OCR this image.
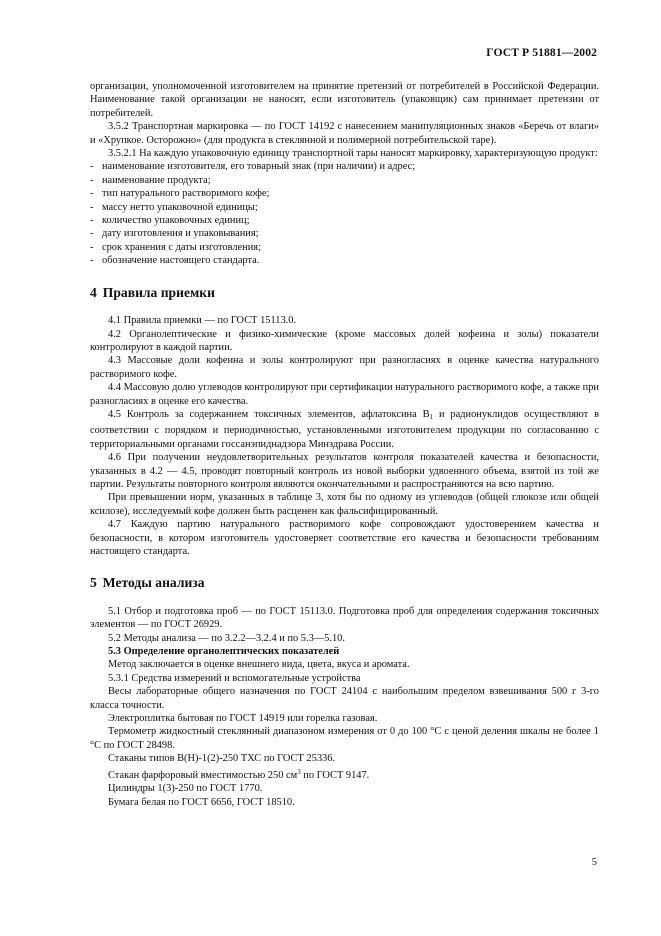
ГОСТ Р 51881—2002

организации, уполномоченной изготовителем на принятие претензий от потребителей в Российской Федерации. Наименование такой организации не наносят, если изготовитель (упаковщик) сам принимает претензии от потребителей.

3.5.2 Транспортная маркировка — по ГОСТ 14192 с нанесением манипуляционных знаков «Беречь от влаги» и «Хрупкое. Осторожно» (для продукта в стеклянной и полимерной потребительской таре).

3.5.2.1 На каждую упаковочную единицу транспортной тары наносят маркировку, характеризующую продукт:

- наименование изготовителя, его товарный знак (при наличии) и адрес;

- наименование продукта;

- тип натурального растворимого кофе;

- массу нетто упаковочной единицы;

- количество упаковочных единиц;

- дату изготовления и упаковывания;

- срок хранения с даты изготовления;

- обозначение настоящего стандарта.

4 Правила приемки

4.1 Правила приемки — по ГОСТ 15113.0.

4.2 Органолептические и физико-химические (кроме массовых долей кофеина и золы) показатели контролируют в каждой партии.

4.3 Массовые доли кофеина и золы контролируют при разногласиях в оценке качества натурального растворимого кофе.

4.4 Массовую долю углеводов контролируют при сертификации натурального растворимого кофе, а также при разногласиях в оценке его качества.

4.5 Контроль за содержанием токсичных элементов, афлатоксина $B_1$ и радионуклидов осуществляют в соответствии с порядком и периодичностью, установленными изготовителем продукции по согласованию с территориальными органами госсанэпиднадзора Минздрава России.

4.6 При получении неудовлетворительных результатов контроля показателей качества и безопасности, указанных в 4.2 — 4.5, проводят повторный контроль из новой выборки удвоенного объема, взятой из той же партии. Результаты повторного контроля являются окончательными и распространяются на всю партию.

При превышении норм, указанных в таблице 3, хотя бы по одному из углеводов (общей глюкозе или общей ксилозе), исследуемый кофе должен быть расценен как фальсифицированный.

4.7 Каждую партию натурального растворимого кофе сопровождают удостоверением качества и безопасности, в котором изготовитель удостоверяет соответствие его качества и безопасности требованиям настоящего стандарта.

5 Методы анализа

5.1 Отбор и подготовка проб — по ГОСТ 15113.0. Подготовка проб для определения содержания токсичных элементов — по ГОСТ 26929.

5.2 Методы анализа — по 3.2.2—3.2.4 и по 5.3—5.10.

5.3 Определение органолептических показателей

Метод заключается в оценке внешнего вида, цвета, вкуса и аромата.

5.3.1 Средства измерений и вспомогательные устройства

Весы лабораторные общего назначения по ГОСТ 24104 с наибольшим пределом взвешивания 500 г 3-го класса точности.

Электроплитка бытовая по ГОСТ 14919 или горелка газовая.

Термометр жидкостный стеклянный диапазоном измерения от 0 до 100 °С с ценой деления шкалы не более 1 °С по ГОСТ 28498.

Стаканы типов В(Н)-1(2)-250 ТХС по ГОСТ 25336.

Стакан фарфоровый вместимостью 250 $см^3$ по ГОСТ 9147.

Цилиндры 1(3)-250 по ГОСТ 1770.

Бумага белая по ГОСТ 6656, ГОСТ 18510.

5
